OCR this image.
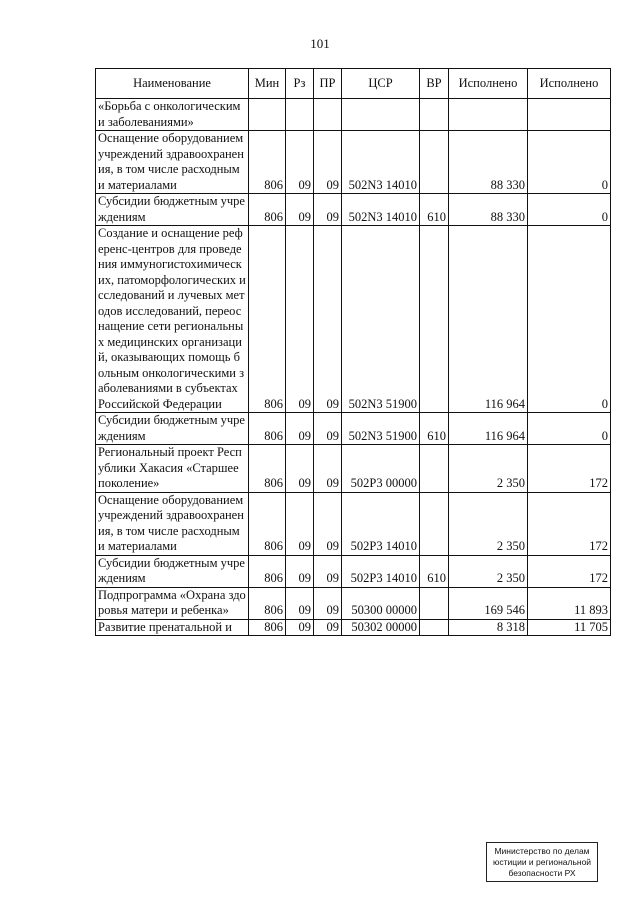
101
Наименование	Мин	Рз	ПР	ЦСР	ВР	Исполнено	Исполнено
«Борьба с онкологическими заболеваниями»							
Оснащение оборудованием учреждений здравоохранения, в том числе расходными материалами	806	09	09	502N3 14010		88 330	0
Субсидии бюджетным учреждениям	806	09	09	502N3 14010	610	88 330	0
Создание и оснащение референс-центров для проведения иммуногистохимических, патоморфологических исследований и лучевых методов исследований, переоснащение сети региональных медицинских организаций, оказывающих помощь больным онкологическими заболеваниями в субъектах Российской Федерации	806	09	09	502N3 51900		116 964	0
Субсидии бюджетным учреждениям	806	09	09	502N3 51900	610	116 964	0
Региональный проект Республики Хакасия «Старшее поколение»	806	09	09	502P3 00000		2 350	172
Оснащение оборудованием учреждений здравоохранения, в том числе расходными материалами	806	09	09	502P3 14010		2 350	172
Субсидии бюджетным учреждениям	806	09	09	502P3 14010	610	2 350	172
Подпрограмма «Охрана здоровья матери и ребенка»	806	09	09	50300 00000		169 546	11 893
Развитие пренатальной и	806	09	09	50302 00000		8 318	11 705
Министерство по делам юстиции и региональной безопасности РХ
